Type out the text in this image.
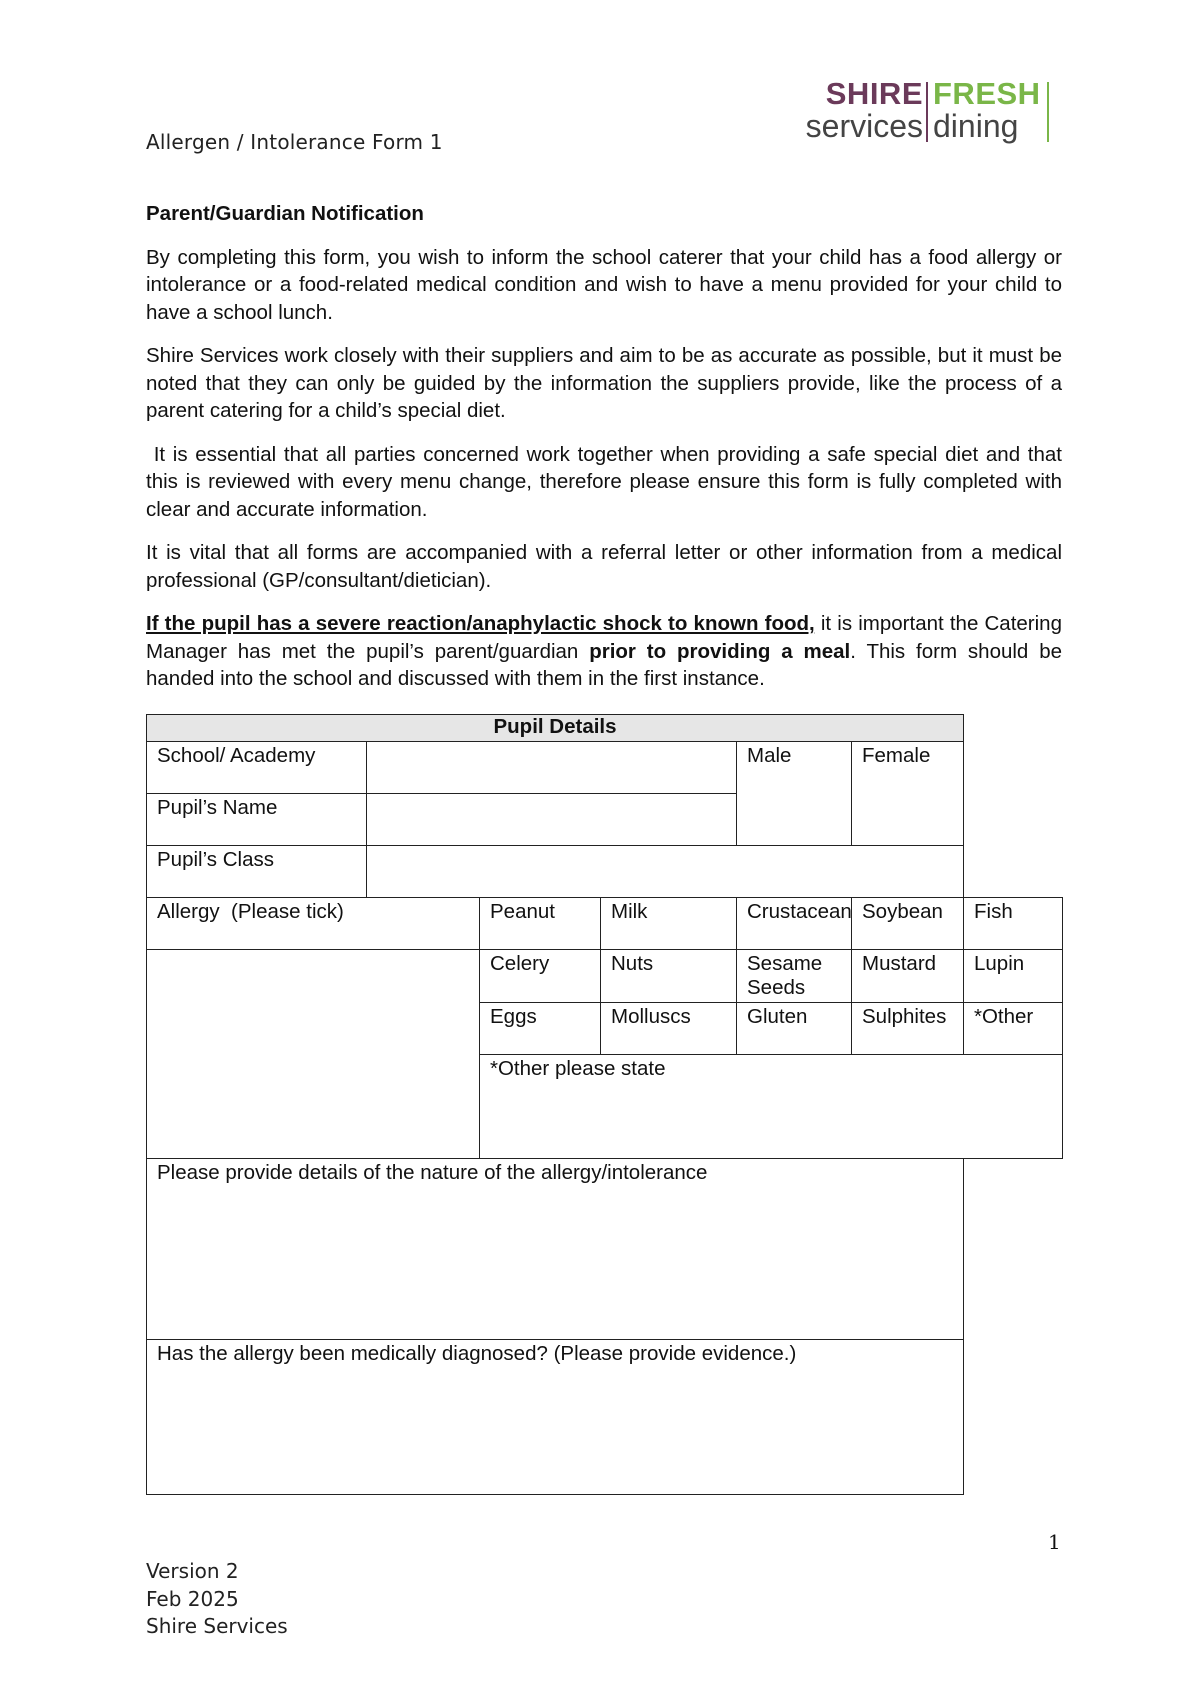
Allergen / Intolerance Form 1
SHIRE
services
FRESH
dining
Parent/Guardian Notification

By completing this form, you wish to inform the school caterer that your child has a food allergy or intolerance or a food-related medical condition and wish to have a menu provided for your child to have a school lunch.

Shire Services work closely with their suppliers and aim to be as accurate as possible, but it must be noted that they can only be guided by the information the suppliers provide, like the process of a parent catering for a child’s special diet.

It is essential that all parties concerned work together when providing a safe special diet and that this is reviewed with every menu change, therefore please ensure this form is fully completed with clear and accurate information.

It is vital that all forms are accompanied with a referral letter or other information from a medical professional (GP/consultant/dietician).

If the pupil has a severe reaction/anaphylactic shock to known food, it is important the Catering Manager has met the pupil’s parent/guardian prior to providing a meal. This form should be handed into the school and discussed with them in the first instance.

Pupil Details						
School/ Academy				Male	Female	
Pupil’s Name						
Pupil’s Class						
Allergy  (Please tick)		Peanut	Milk	Crustacean	Soybean	Fish
		Celery	Nuts	Sesame Seeds	Mustard	Lupin
		Eggs	Molluscs	Gluten	Sulphites	*Other
		*Other please state				
Please provide details of the nature of the allergy/intolerance						
Has the allergy been medically diagnosed? (Please provide evidence.)						
1
Version 2
Feb 2025
Shire Services
